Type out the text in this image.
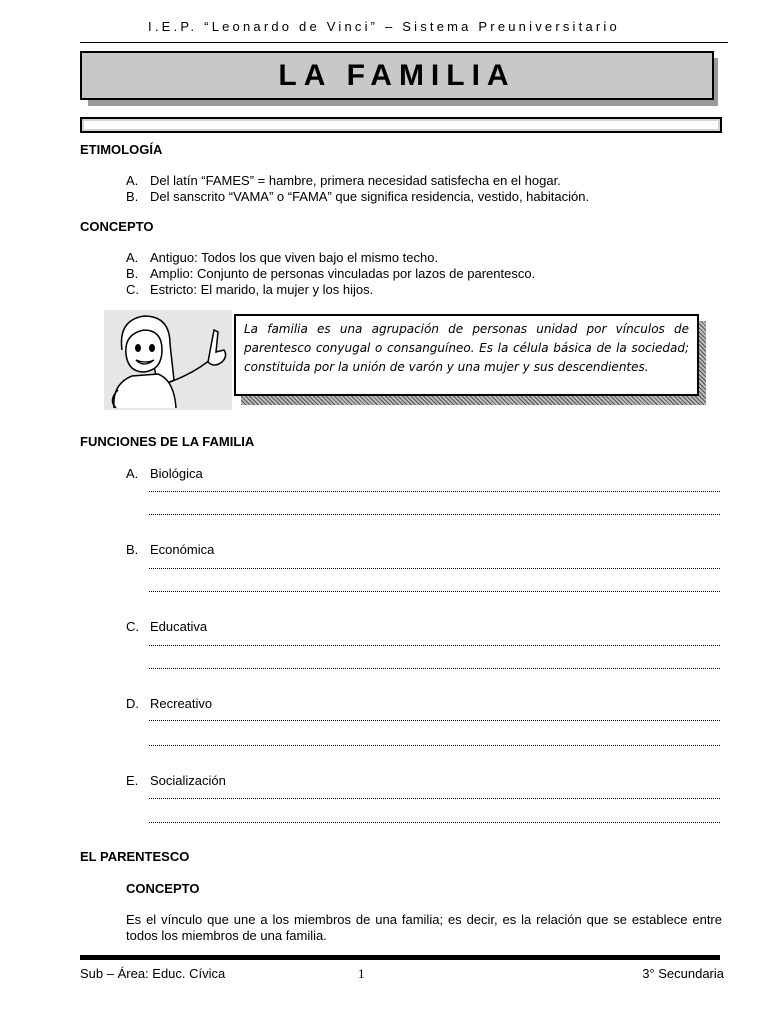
I.E.P. “Leonardo de Vinci” – Sistema Preuniversitario
LA FAMILIA
ETIMOLOGÍA
A. Del latín “FAMES” = hambre, primera necesidad satisfecha en el hogar.
B. Del sanscrito “VAMA” o “FAMA” que significa residencia, vestido, habitación.
CONCEPTO
A. Antiguo: Todos los que viven bajo el mismo techo.
B. Amplio: Conjunto de personas vinculadas por lazos de parentesco.
C. Estricto: El marido, la mujer y los hijos.
La familia es una agrupación de personas unidad por vínculos de parentesco conyugal o consanguíneo. Es la célula básica de la sociedad; constituida por la unión de varón y una mujer y sus descendientes.
FUNCIONES DE LA FAMILIA
A. Biológica
B. Económica
C. Educativa
D. Recreativo
E. Socialización
EL PARENTESCO
CONCEPTO
Es el vínculo que une a los miembros de una familia; es decir, es la relación que se establece entre todos los miembros de una familia.
Sub – Área: Educ. Cívica	1	3° Secundaria
